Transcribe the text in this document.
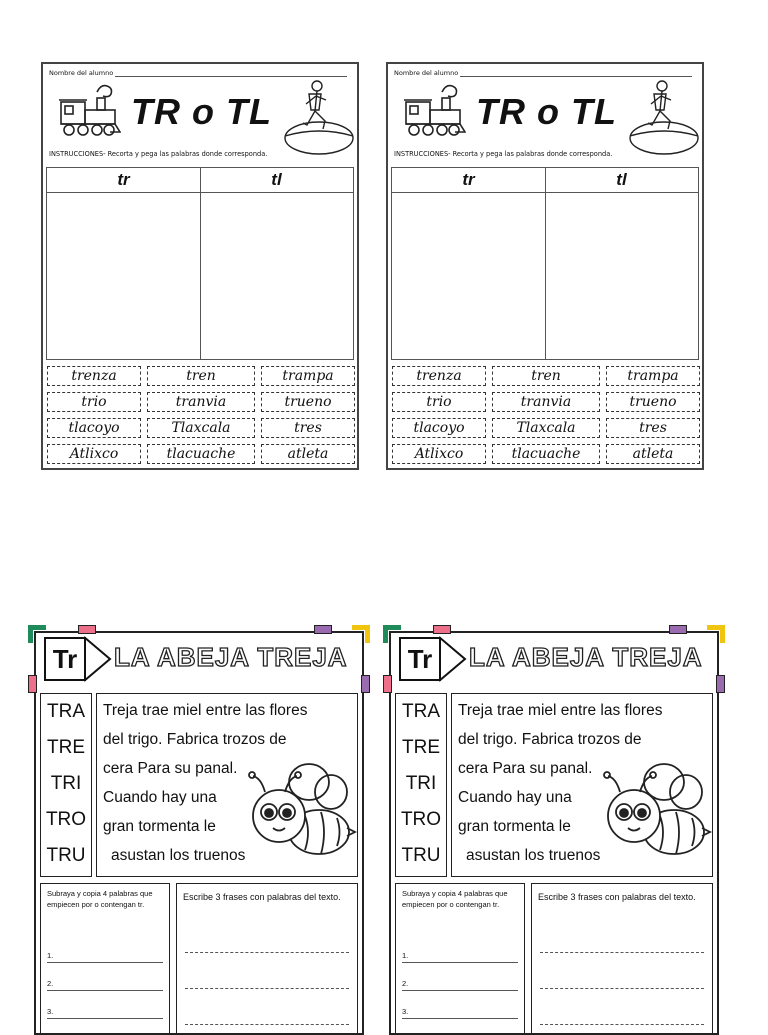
Nombre del alumno
TR o TL
INSTRUCCIONES- Recorta y pega las palabras donde corresponda.
tr	tl
trenza	tren	trampa
trio	tranvia	trueno
tlacoyo	Tlaxcala	tres
Atlixco	tlacuache	atleta
Nombre del alumno
TR o TL
INSTRUCCIONES- Recorta y pega las palabras donde corresponda.
tr	tl
trenza	tren	trampa
trio	tranvia	trueno
tlacoyo	Tlaxcala	tres
Atlixco	tlacuache	atleta
Tr	LA ABEJA TREJA
TRA
TRE
TRI
TRO
TRU
Treja trae miel entre las flores
del trigo. Fabrica trozos de
cera Para su panal.
Cuando hay una
gran tormenta le
asustan los truenos
Subraya y copia 4 palabras que empiecen por o contengan tr.
1.
2.
3.
Escribe 3 frases con palabras del texto.
Tr	LA ABEJA TREJA
TRA
TRE
TRI
TRO
TRU
Treja trae miel entre las flores
del trigo. Fabrica trozos de
cera Para su panal.
Cuando hay una
gran tormenta le
asustan los truenos
Subraya y copia 4 palabras que empiecen por o contengan tr.
1.
2.
3.
Escribe 3 frases con palabras del texto.
